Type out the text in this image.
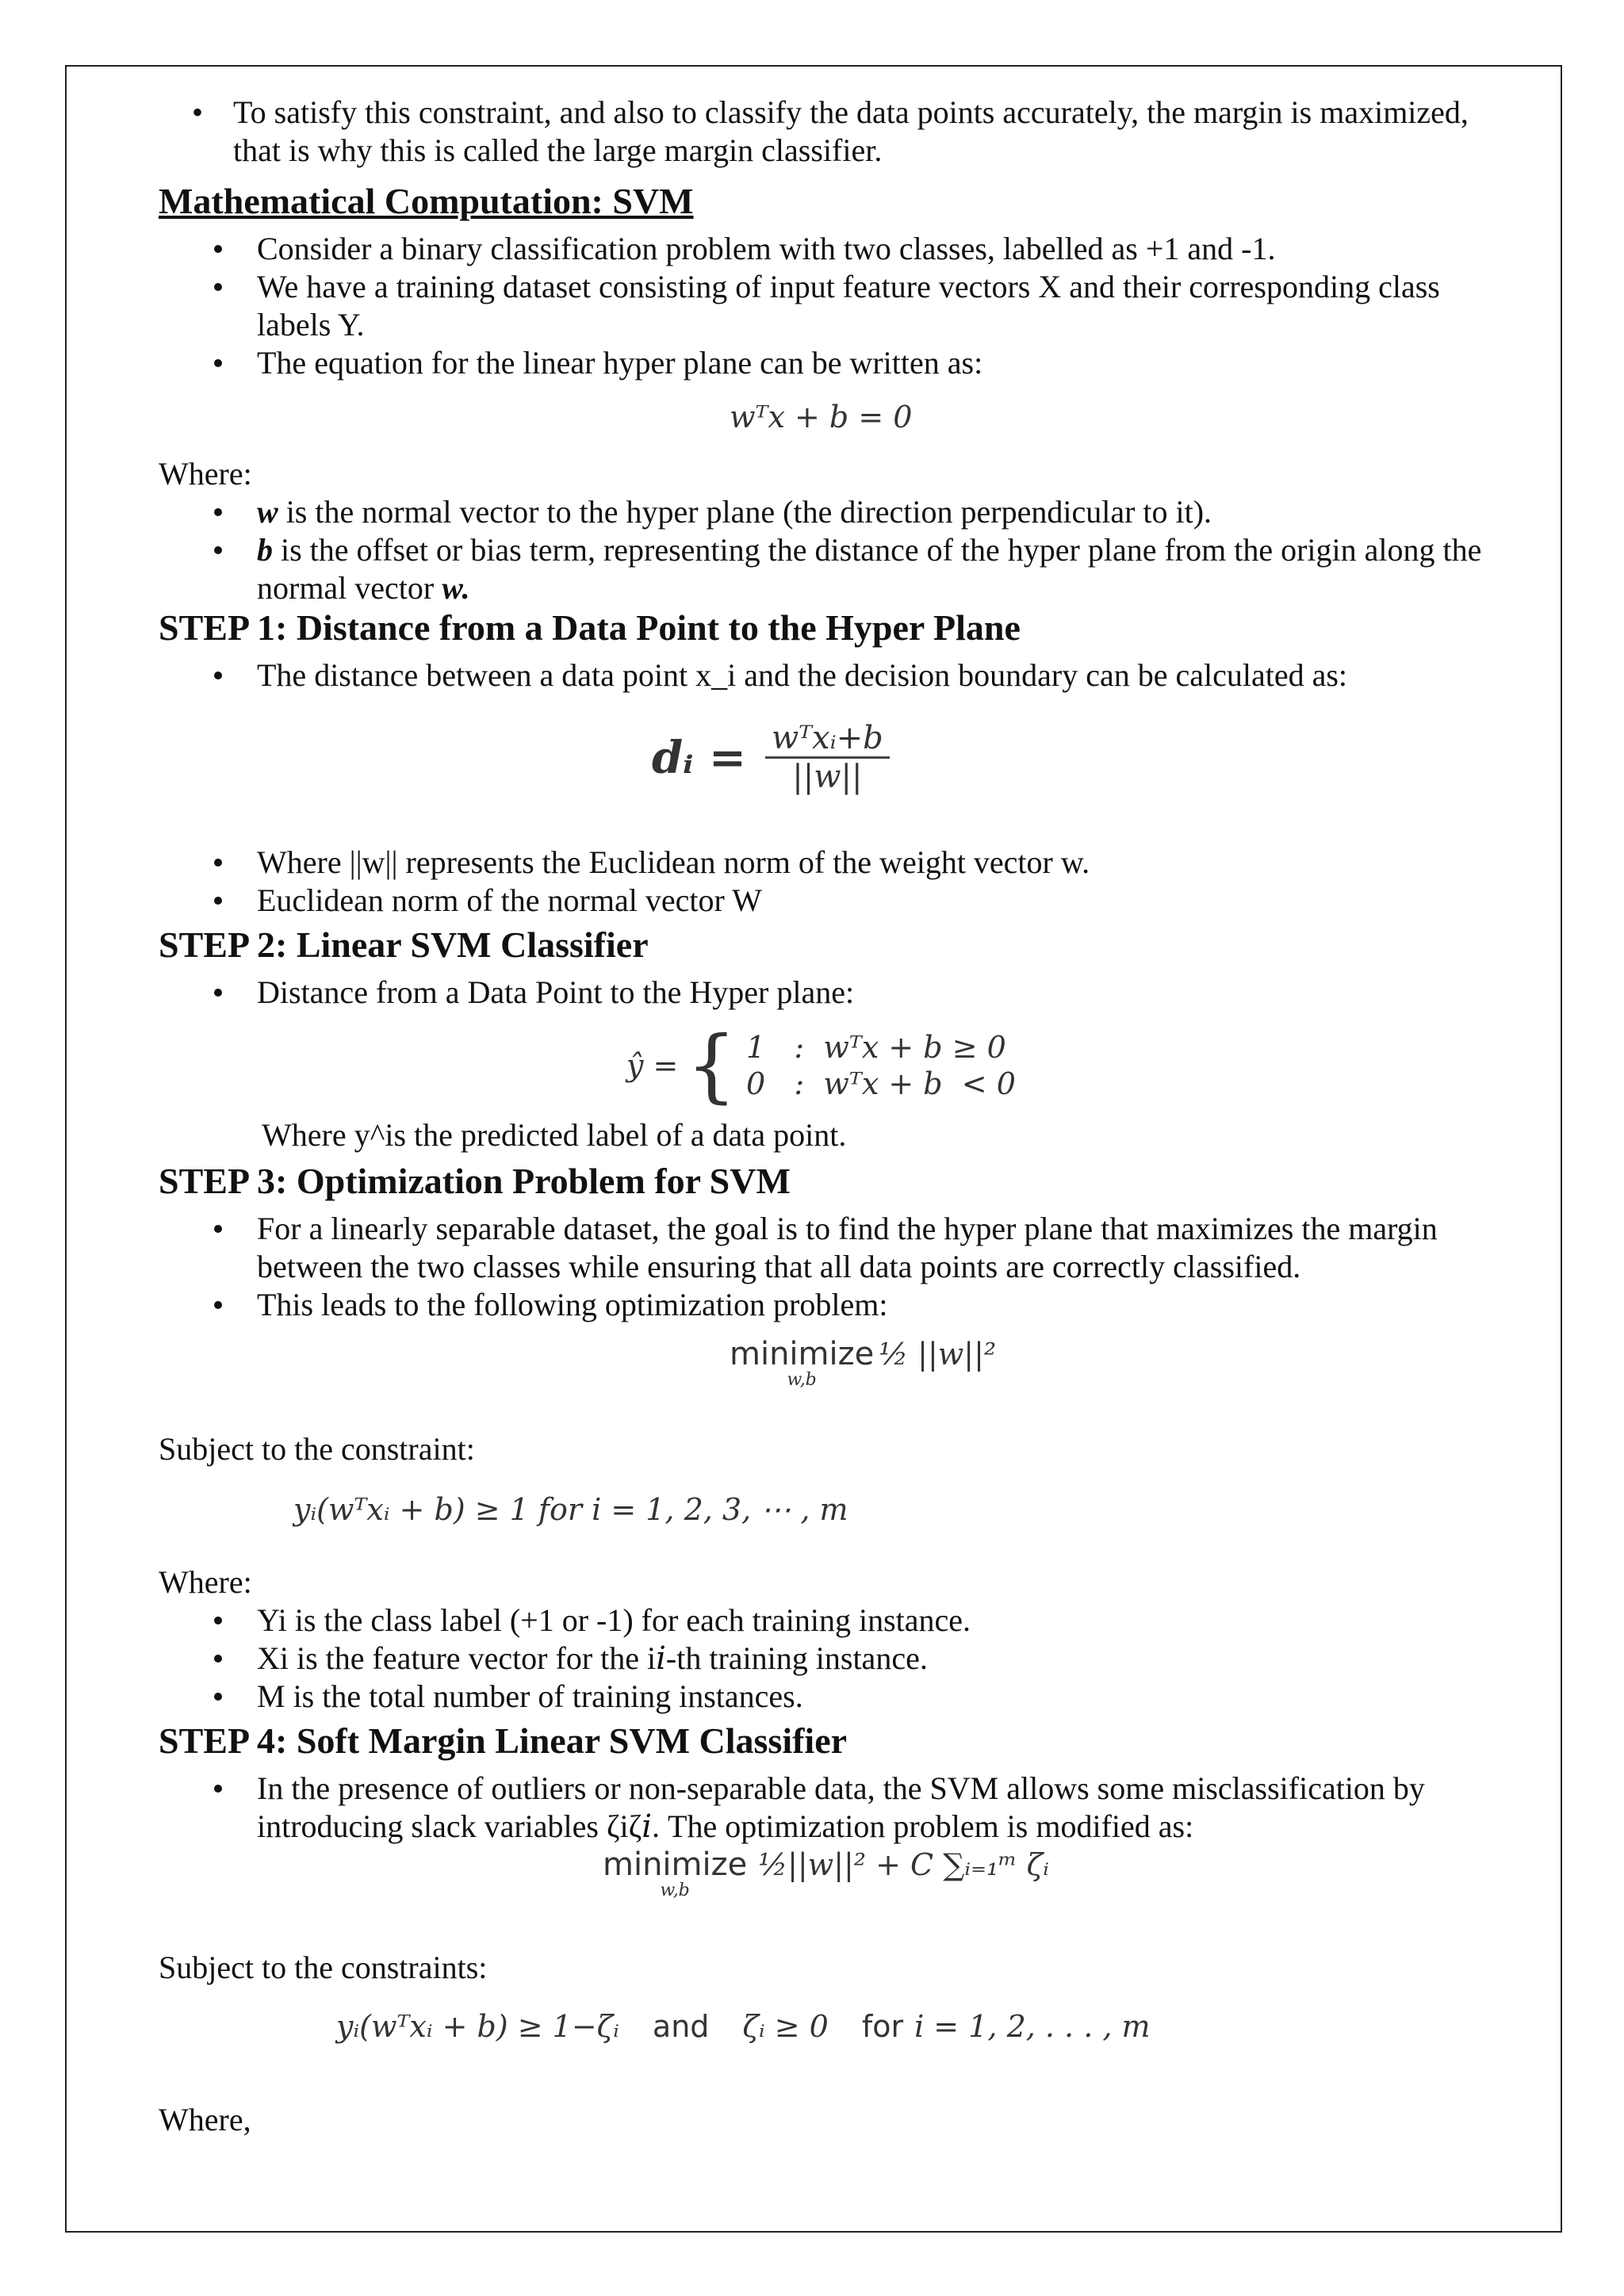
• To satisfy this constraint, and also to classify the data points accurately, the margin is maximized, that is why this is called the large margin classifier.
Mathematical Computation: SVM
Consider a binary classification problem with two classes, labelled as +1 and -1.
We have a training dataset consisting of input feature vectors X and their corresponding class labels Y.
The equation for the linear hyper plane can be written as:
wᵀx + b = 0
Where:
w is the normal vector to the hyper plane (the direction perpendicular to it).
b is the offset or bias term, representing the distance of the hyper plane from the origin along the normal vector w.
STEP 1: Distance from a Data Point to the Hyper Plane
The distance between a data point x_i and the decision boundary can be calculated as:
dᵢ = $\frac{\text{wᵀxᵢ+b}}{||w||}$
Where ||w|| represents the Euclidean norm of the weight vector w.
Euclidean norm of the normal vector W
STEP 2: Linear SVM Classifier
Distance from a Data Point to the Hyper plane:
ŷ = { 1   :  wᵀx + b ≥ 0
0   :  wᵀx + b  < 0
Where y^is the predicted label of a data point.
STEP 3: Optimization Problem for SVM
For a linearly separable dataset, the goal is to find the hyper plane that maximizes the margin between the two classes while ensuring that all data points are correctly classified.
This leads to the following optimization problem:
minimize
w,b
½ ||w||²
Subject to the constraint:
yᵢ(wᵀxᵢ + b) ≥ 1 for i = 1, 2, 3, ⋯ , m
Where:
Yi is the class label (+1 or -1) for each training instance.
Xi is the feature vector for the i𝑖-th training instance.
M is the total number of training instances.
STEP 4: Soft Margin Linear SVM Classifier
In the presence of outliers or non-separable data, the SVM allows some misclassification by introducing slack variables ζiζ𝑖. The optimization problem is modified as:
minimize
w,b
½||w||² + C ∑ᵢ₌₁ᵐ ζᵢ
Subject to the constraints:
yᵢ(wᵀxᵢ + b) ≥ 1−ζᵢ and ζᵢ ≥ 0 for i = 1, 2, . . . , m
Where,
